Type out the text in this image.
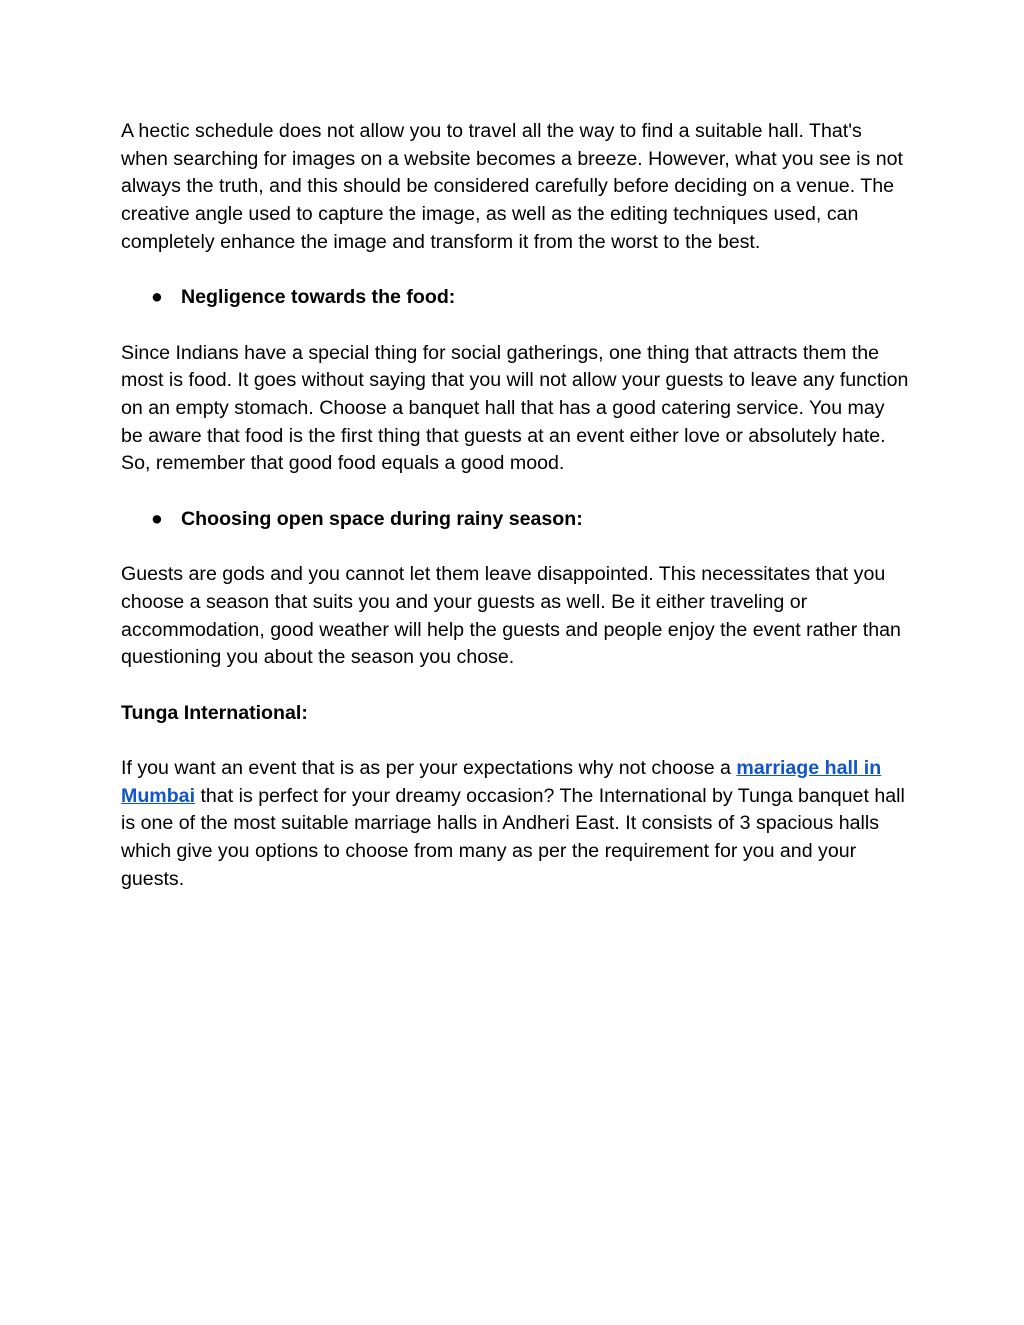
A hectic schedule does not allow you to travel all the way to find a suitable hall. That's when searching for images on a website becomes a breeze. However, what you see is not always the truth, and this should be considered carefully before deciding on a venue. The creative angle used to capture the image, as well as the editing techniques used, can completely enhance the image and transform it from the worst to the best.

● Negligence towards the food:

Since Indians have a special thing for social gatherings, one thing that attracts them the most is food. It goes without saying that you will not allow your guests to leave any function on an empty stomach. Choose a banquet hall that has a good catering service. You may be aware that food is the first thing that guests at an event either love or absolutely hate. So, remember that good food equals a good mood.

● Choosing open space during rainy season:

Guests are gods and you cannot let them leave disappointed. This necessitates that you choose a season that suits you and your guests as well. Be it either traveling or accommodation, good weather will help the guests and people enjoy the event rather than questioning you about the season you chose.

Tunga International:

If you want an event that is as per your expectations why not choose a marriage hall in Mumbai that is perfect for your dreamy occasion? The International by Tunga banquet hall is one of the most suitable marriage halls in Andheri East. It consists of 3 spacious halls which give you options to choose from many as per the requirement for you and your guests.
